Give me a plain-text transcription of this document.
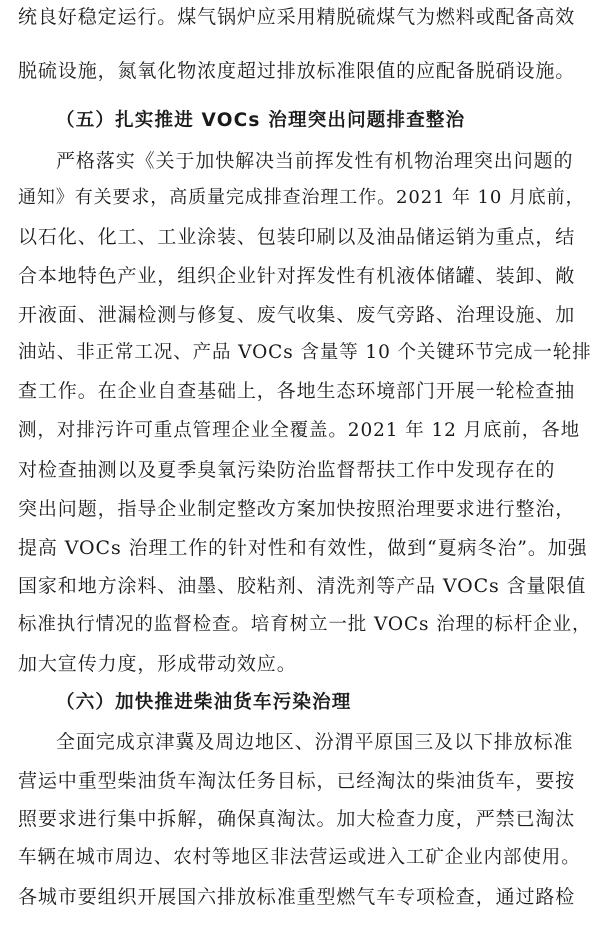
统良好稳定运行。煤气锅炉应采用精脱硫煤气为燃料或配备高效
脱硫设施，氮氧化物浓度超过排放标准限值的应配备脱硝设施。
（五）扎实推进 VOCs 治理突出问题排查整治
严格落实《关于加快解决当前挥发性有机物治理突出问题的
通知》有关要求，高质量完成排查治理工作。2021 年 10 月底前，
以石化、化工、工业涂装、包装印刷以及油品储运销为重点，结
合本地特色产业，组织企业针对挥发性有机液体储罐、装卸、敞
开液面、泄漏检测与修复、废气收集、废气旁路、治理设施、加
油站、非正常工况、产品 VOCs 含量等 10 个关键环节完成一轮排
查工作。在企业自查基础上，各地生态环境部门开展一轮检查抽
测，对排污许可重点管理企业全覆盖。2021 年 12 月底前，各地
对检查抽测以及夏季臭氧污染防治监督帮扶工作中发现存在的
突出问题，指导企业制定整改方案加快按照治理要求进行整治，
提高 VOCs 治理工作的针对性和有效性，做到“夏病冬治”。加强
国家和地方涂料、油墨、胶粘剂、清洗剂等产品 VOCs 含量限值
标准执行情况的监督检查。培育树立一批 VOCs 治理的标杆企业，
加大宣传力度，形成带动效应。
（六）加快推进柴油货车污染治理
全面完成京津冀及周边地区、汾渭平原国三及以下排放标准
营运中重型柴油货车淘汰任务目标，已经淘汰的柴油货车，要按
照要求进行集中拆解，确保真淘汰。加大检查力度，严禁已淘汰
车辆在城市周边、农村等地区非法营运或进入工矿企业内部使用。
各城市要组织开展国六排放标准重型燃气车专项检查，通过路检
